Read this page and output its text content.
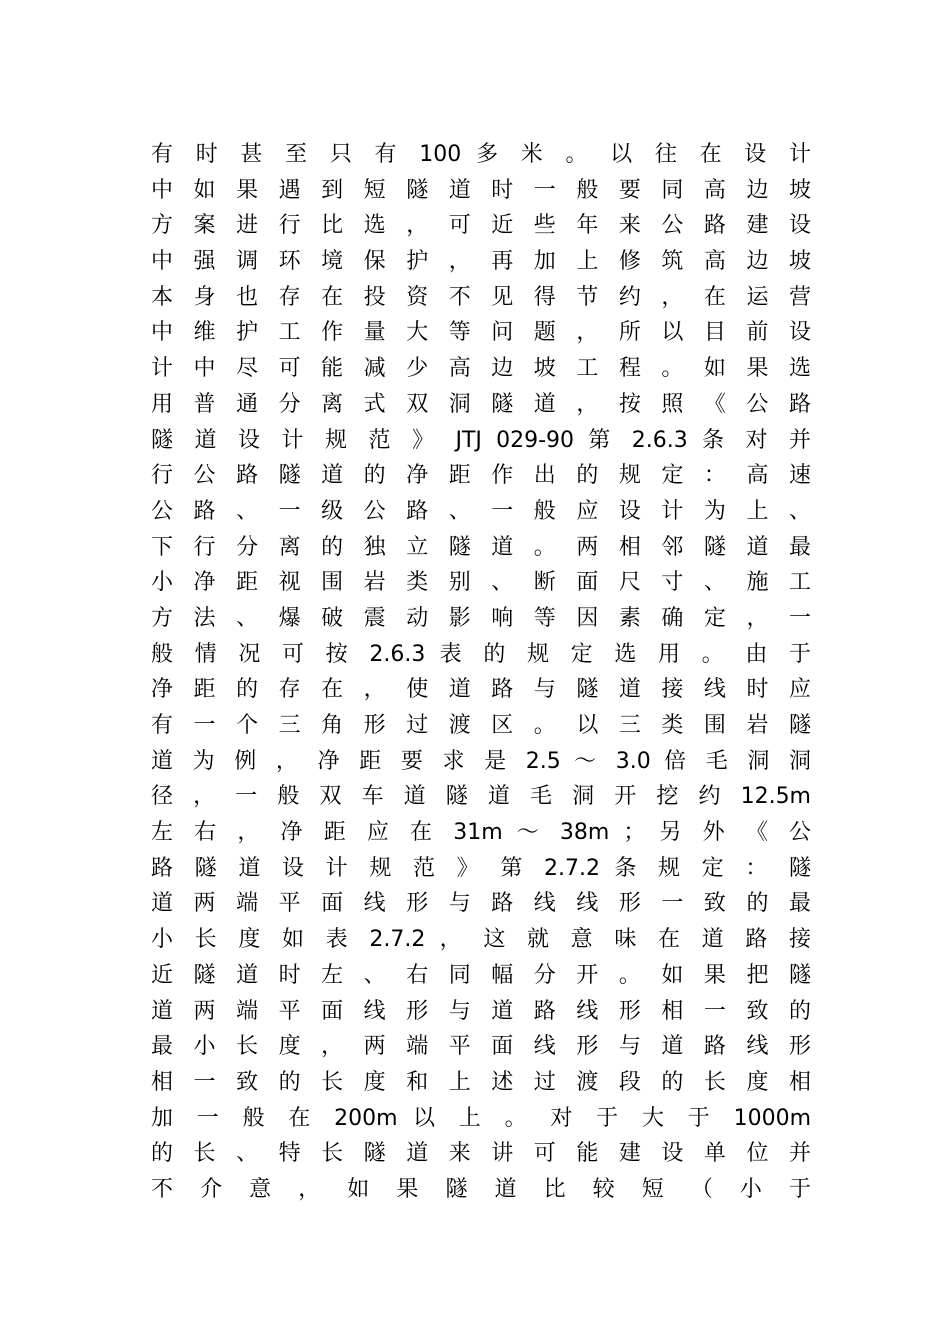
有 时 甚 至 只 有 100 多 米 。 以 往 在 设 计
中 如 果 遇 到 短 隧 道 时 一 般 要 同 高 边 坡
方 案 进 行 比 选 ， 可 近 些 年 来 公 路 建 设
中 强 调 环 境 保 护 ， 再 加 上 修 筑 高 边 坡
本 身 也 存 在 投 资 不 见 得 节 约 ， 在 运 营
中 维 护 工 作 量 大 等 问 题 ， 所 以 目 前 设
计 中 尽 可 能 减 少 高 边 坡 工 程 。 如 果 选
用 普 通 分 离 式 双 洞 隧 道 ， 按 照 《 公 路
隧 道 设 计 规 范 》 JTJ 029-90 第 2.6.3 条 对 并
行 公 路 隧 道 的 净 距 作 出 的 规 定 ： 高 速
公 路 、 一 级 公 路 、 一 般 应 设 计 为 上 、
下 行 分 离 的 独 立 隧 道 。 两 相 邻 隧 道 最
小 净 距 视 围 岩 类 别 、 断 面 尺 寸 、 施 工
方 法 、 爆 破 震 动 影 响 等 因 素 确 定 ， 一
般 情 况 可 按 2.6.3 表 的 规 定 选 用 。 由 于
净 距 的 存 在 ， 使 道 路 与 隧 道 接 线 时 应
有 一 个 三 角 形 过 渡 区 。 以 三 类 围 岩 隧
道 为 例 ， 净 距 要 求 是 2.5 ～ 3.0 倍 毛 洞 洞
径 ， 一 般 双 车 道 隧 道 毛 洞 开 挖 约 12.5m
左 右 ， 净 距 应 在 31m ～ 38m ； 另 外 《 公
路 隧 道 设 计 规 范 》 第 2.7.2 条 规 定 ： 隧
道 两 端 平 面 线 形 与 路 线 线 形 一 致 的 最
小 长 度 如 表 2.7.2 ， 这 就 意 味 在 道 路 接
近 隧 道 时 左 、 右 同 幅 分 开 。 如 果 把 隧
道 两 端 平 面 线 形 与 道 路 线 形 相 一 致 的
最 小 长 度 ， 两 端 平 面 线 形 与 道 路 线 形
相 一 致 的 长 度 和 上 述 过 渡 段 的 长 度 相
加 一 般 在 200m 以 上 。 对 于 大 于 1000m
的 长 、 特 长 隧 道 来 讲 可 能 建 设 单 位 并
不 介 意 ， 如 果 隧 道 比 较 短 （ 小 于
